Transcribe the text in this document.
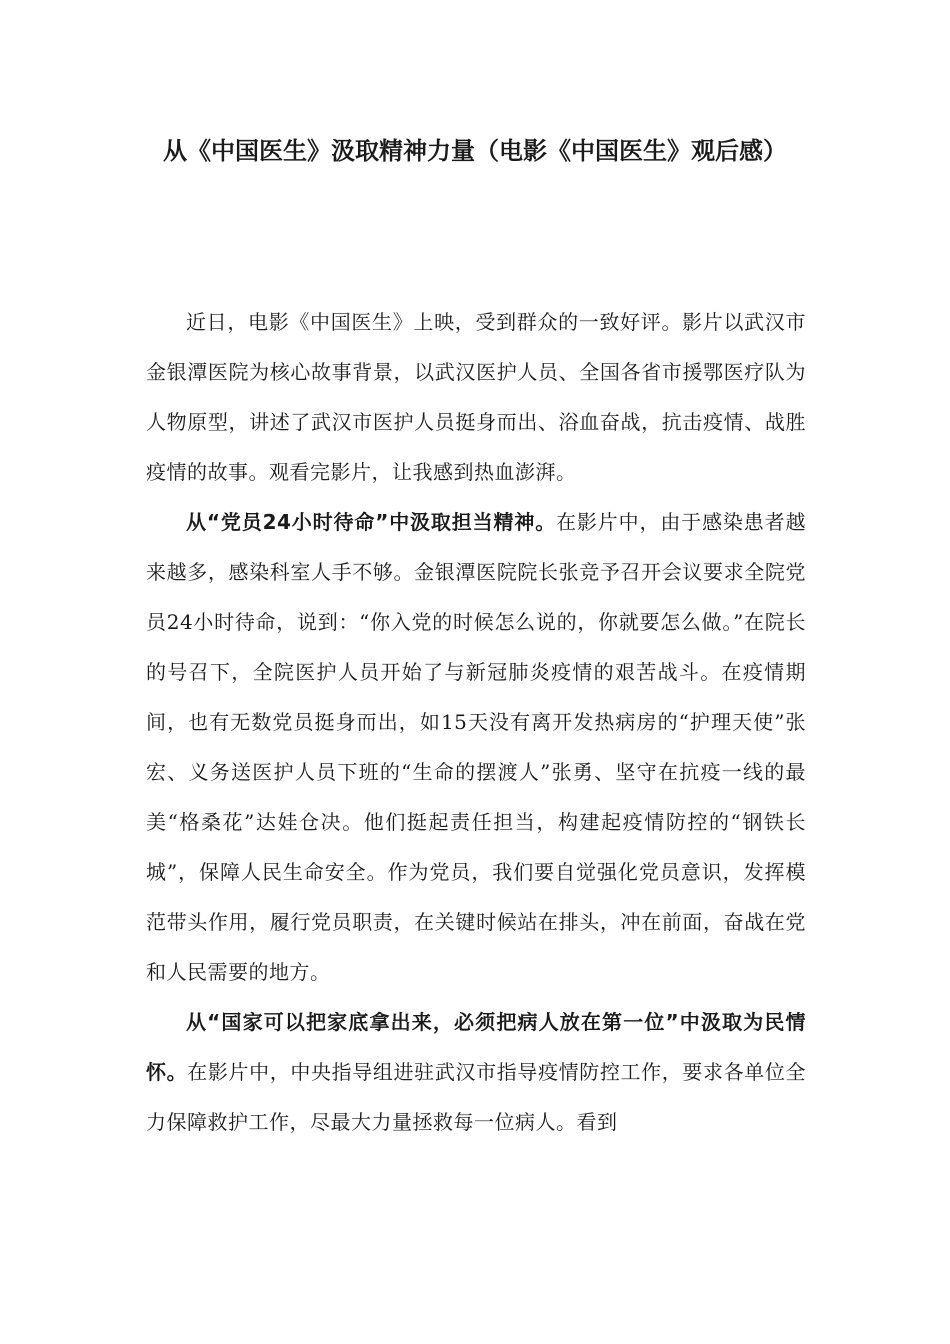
从《中国医生》汲取精神力量（电影《中国医生》观后感）

近日，电影《中国医生》上映，受到群众的一致好评。影片以武汉市金银潭医院为核心故事背景，以武汉医护人员、全国各省市援鄂医疗队为人物原型，讲述了武汉市医护人员挺身而出、浴血奋战，抗击疫情、战胜疫情的故事。观看完影片，让我感到热血澎湃。

从“党员24小时待命”中汲取担当精神。在影片中，由于感染患者越来越多，感染科室人手不够。金银潭医院院长张竞予召开会议要求全院党员24小时待命，说到：“你入党的时候怎么说的，你就要怎么做。”在院长的号召下，全院医护人员开始了与新冠肺炎疫情的艰苦战斗。在疫情期间，也有无数党员挺身而出，如15天没有离开发热病房的“护理天使”张宏、义务送医护人员下班的“生命的摆渡人”张勇、坚守在抗疫一线的最美“格桑花”达娃仓决。他们挺起责任担当，构建起疫情防控的“钢铁长城”，保障人民生命安全。作为党员，我们要自觉强化党员意识，发挥模范带头作用，履行党员职责，在关键时候站在排头，冲在前面，奋战在党和人民需要的地方。

从“国家可以把家底拿出来，必须把病人放在第一位”中汲取为民情怀。在影片中，中央指导组进驻武汉市指导疫情防控工作，要求各单位全力保障救护工作，尽最大力量拯救每一位病人。看到
